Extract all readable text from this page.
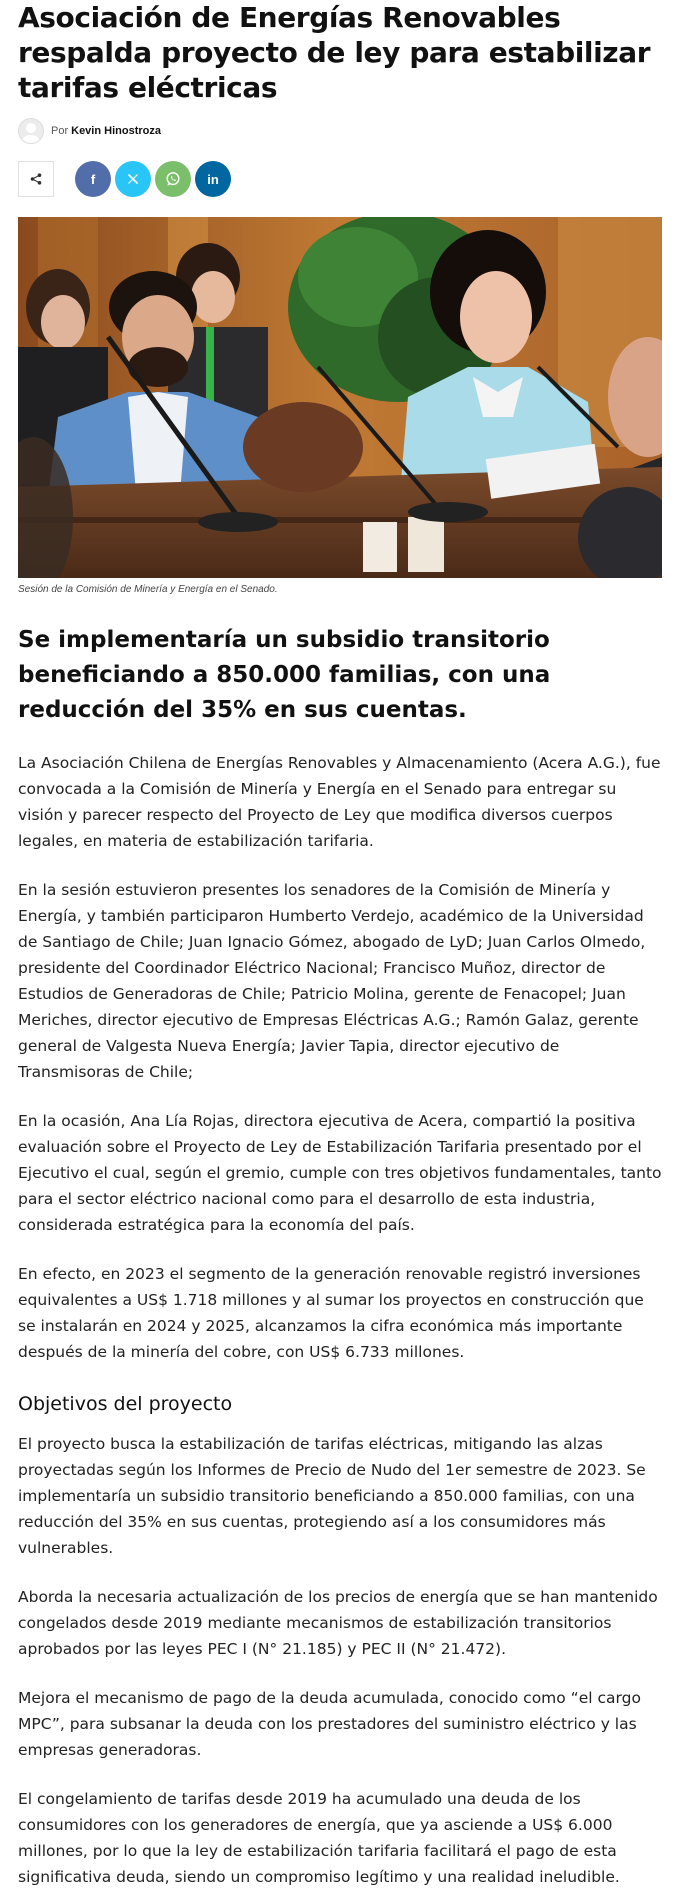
Asociación de Energías Renovables respalda proyecto de ley para estabilizar tarifas eléctricas
Por Kevin Hinostroza
f	in
Sesión de la Comisión de Minería y Energía en el Senado.
Se implementaría un subsidio transitorio beneficiando a 850.000 familias, con una reducción del 35% en sus cuentas.

La Asociación Chilena de Energías Renovables y Almacenamiento (Acera A.G.), fue convocada a la Comisión de Minería y Energía en el Senado para entregar su visión y parecer respecto del Proyecto de Ley que modifica diversos cuerpos legales, en materia de estabilización tarifaria.

En la sesión estuvieron presentes los senadores de la Comisión de Minería y Energía, y también participaron Humberto Verdejo, académico de la Universidad de Santiago de Chile; Juan Ignacio Gómez, abogado de LyD; Juan Carlos Olmedo, presidente del Coordinador Eléctrico Nacional; Francisco Muñoz, director de Estudios de Generadoras de Chile; Patricio Molina, gerente de Fenacopel; Juan Meriches, director ejecutivo de Empresas Eléctricas A.G.; Ramón Galaz, gerente general de Valgesta Nueva Energía; Javier Tapia, director ejecutivo de Transmisoras de Chile;

En la ocasión, Ana Lía Rojas, directora ejecutiva de Acera, compartió la positiva evaluación sobre el Proyecto de Ley de Estabilización Tarifaria presentado por el Ejecutivo el cual, según el gremio, cumple con tres objetivos fundamentales, tanto para el sector eléctrico nacional como para el desarrollo de esta industria, considerada estratégica para la economía del país.

En efecto, en 2023 el segmento de la generación renovable registró inversiones equivalentes a US$ 1.718 millones y al sumar los proyectos en construcción que se instalarán en 2024 y 2025, alcanzamos la cifra económica más importante después de la minería del cobre, con US$ 6.733 millones.

Objetivos del proyecto

El proyecto busca la estabilización de tarifas eléctricas, mitigando las alzas proyectadas según los Informes de Precio de Nudo del 1er semestre de 2023. Se implementaría un subsidio transitorio beneficiando a 850.000 familias, con una reducción del 35% en sus cuentas, protegiendo así a los consumidores más vulnerables.

Aborda la necesaria actualización de los precios de energía que se han mantenido congelados desde 2019 mediante mecanismos de estabilización transitorios aprobados por las leyes PEC I (N° 21.185) y PEC II (N° 21.472).

Mejora el mecanismo de pago de la deuda acumulada, conocido como “el cargo MPC”, para subsanar la deuda con los prestadores del suministro eléctrico y las empresas generadoras.

El congelamiento de tarifas desde 2019 ha acumulado una deuda de los consumidores con los generadores de energía, que ya asciende a US$ 6.000 millones, por lo que la ley de estabilización tarifaria facilitará el pago de esta significativa deuda, siendo un compromiso legítimo y una realidad ineludible.
